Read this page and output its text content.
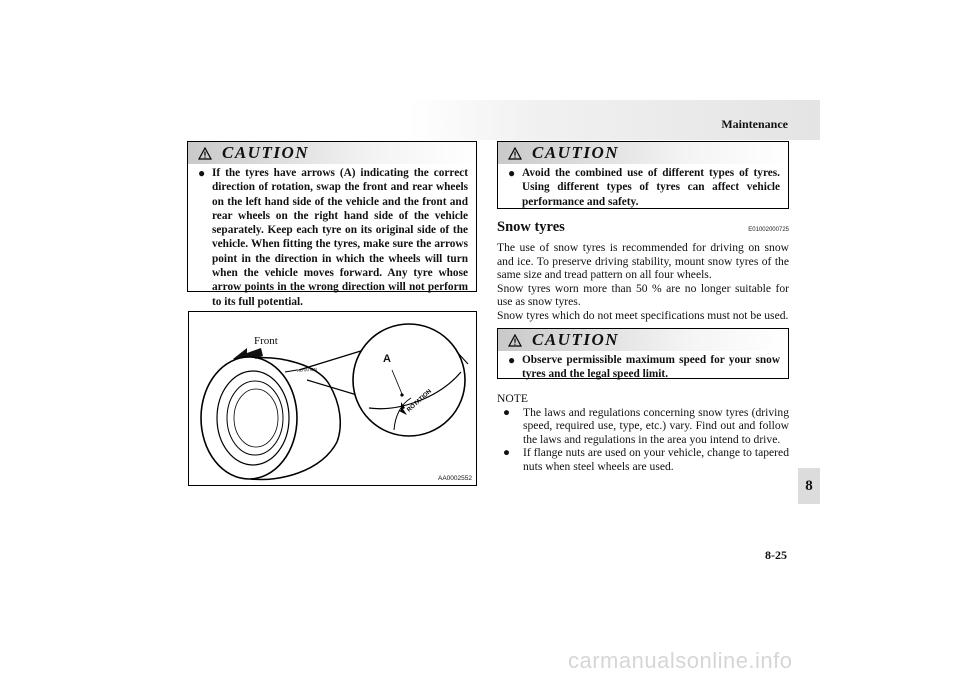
Maintenance
CAUTION
● If the tyres have arrows (A) indicating the correct direction of rotation, swap the front and rear wheels on the left hand side of the vehicle and the front and rear wheels on the right hand side of the vehicle separately. Keep each tyre on its original side of the vehicle. When fitting the tyres, make sure the arrows point in the direction in which the wheels will turn when the vehicle moves forward. Any tyre whose arrow points in the wrong direction will not perform to its full potential.
ROTATION
ROTATION
Front
A
AA0002552
CAUTION
● Avoid the combined use of different types of tyres. Using different types of tyres can affect vehicle performance and safety.
Snow tyres	E01002000725

The use of snow tyres is recommended for driving on snow and ice. To preserve driving stability, mount snow tyres of the same size and tread pattern on all four wheels.

Snow tyres worn more than 50 % are no longer suitable for use as snow tyres.

Snow tyres which do not meet specifications must not be used.

CAUTION
● Observe permissible maximum speed for your snow tyres and the legal speed limit.

NOTE

●	The laws and regulations concerning snow tyres (driving speed, required use, type, etc.) vary. Find out and follow the laws and regulations in the area you intend to drive.
●	If flange nuts are used on your vehicle, change to tapered nuts when steel wheels are used.
8
8-25
carmanualsonline.info
